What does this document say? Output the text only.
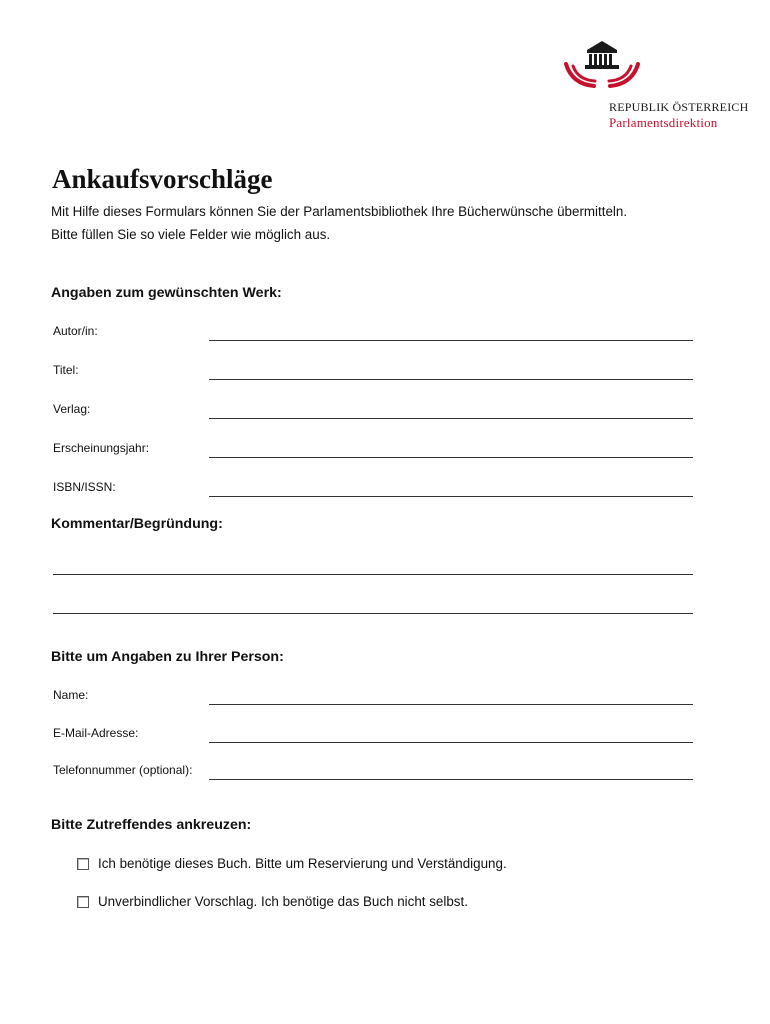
REPUBLIK ÖSTERREICH
Parlamentsdirektion
Ankaufsvorschläge
Mit Hilfe dieses Formulars können Sie der Parlamentsbibliothek Ihre Bücherwünsche übermitteln.
Bitte füllen Sie so viele Felder wie möglich aus.
Angaben zum gewünschten Werk:
Autor/in:
Titel:
Verlag:
Erscheinungsjahr:
ISBN/ISSN:
Kommentar/Begründung:
Bitte um Angaben zu Ihrer Person:
Name:
E-Mail-Adresse:
Telefonnummer (optional):
Bitte Zutreffendes ankreuzen:
Ich benötige dieses Buch. Bitte um Reservierung und Verständigung.
Unverbindlicher Vorschlag. Ich benötige das Buch nicht selbst.
